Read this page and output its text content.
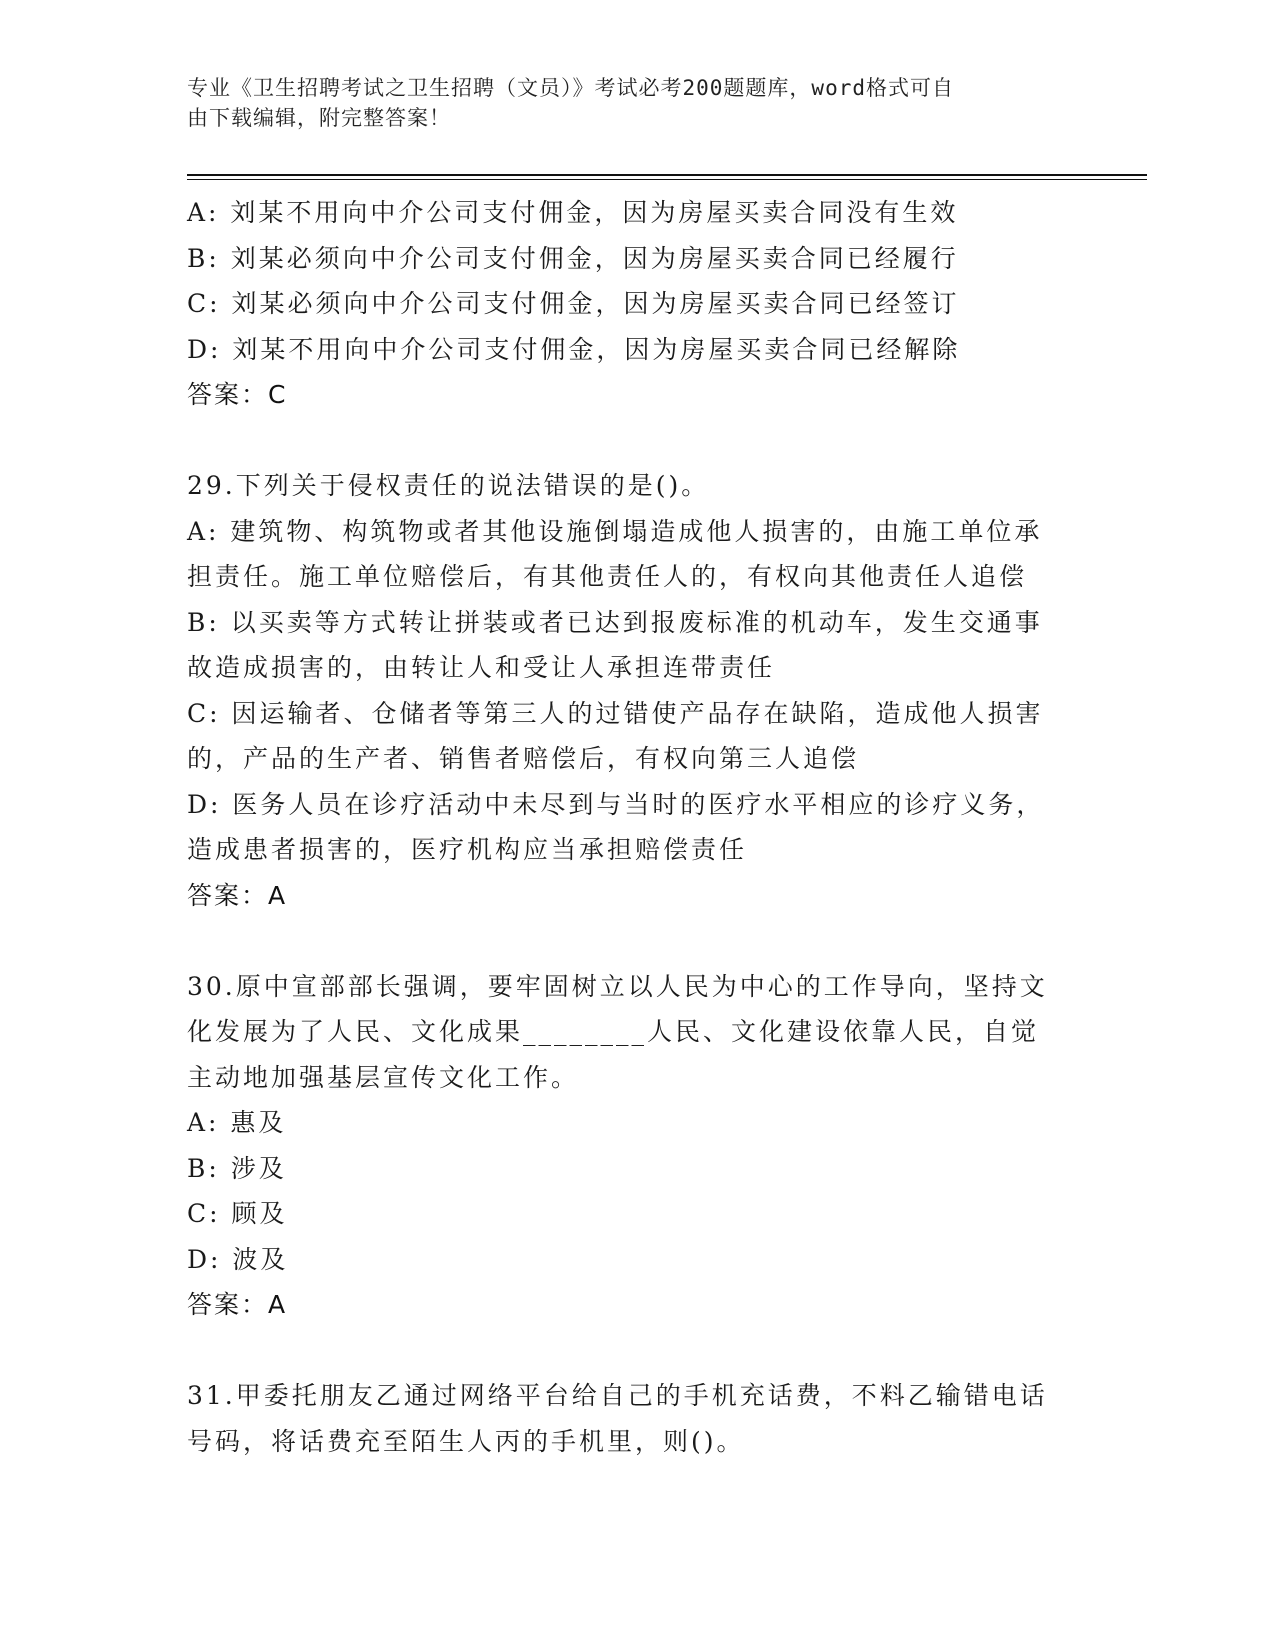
专业《卫生招聘考试之卫生招聘（文员）》考试必考200题题库，word格式可自
由下载编辑，附完整答案！
A: 刘某不用向中介公司支付佣金，因为房屋买卖合同没有生效
B: 刘某必须向中介公司支付佣金，因为房屋买卖合同已经履行
C: 刘某必须向中介公司支付佣金，因为房屋买卖合同已经签订
D: 刘某不用向中介公司支付佣金，因为房屋买卖合同已经解除
答案：C
29.下列关于侵权责任的说法错误的是()。
A: 建筑物、构筑物或者其他设施倒塌造成他人损害的，由施工单位承
担责任。施工单位赔偿后，有其他责任人的，有权向其他责任人追偿
B: 以买卖等方式转让拼装或者已达到报废标准的机动车，发生交通事
故造成损害的，由转让人和受让人承担连带责任
C: 因运输者、仓储者等第三人的过错使产品存在缺陷，造成他人损害
的，产品的生产者、销售者赔偿后，有权向第三人追偿
D: 医务人员在诊疗活动中未尽到与当时的医疗水平相应的诊疗义务，
造成患者损害的，医疗机构应当承担赔偿责任
答案：A
30.原中宣部部长强调，要牢固树立以人民为中心的工作导向，坚持文
化发展为了人民、文化成果________人民、文化建设依靠人民，自觉
主动地加强基层宣传文化工作。
A: 惠及
B: 涉及
C: 顾及
D: 波及
答案：A
31.甲委托朋友乙通过网络平台给自己的手机充话费，不料乙输错电话
号码，将话费充至陌生人丙的手机里，则()。
